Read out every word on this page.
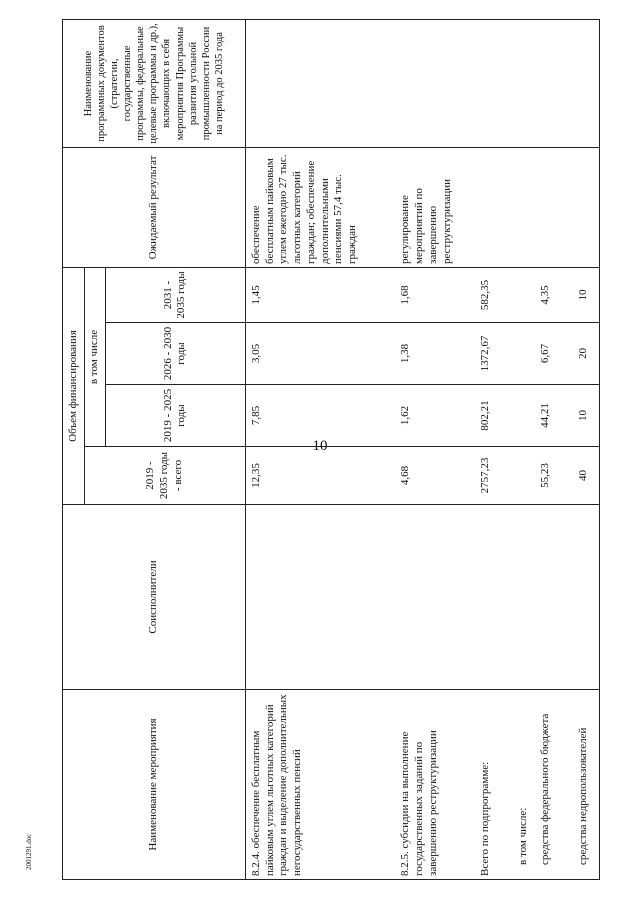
10
2001291.doc
Наименование мероприятия	Соисполнители	Объем финансирования				Ожидаемый результат	Наименование программных документов (стратегии, государственные программы, федеральные целевые программы и др.), включающих в себя мероприятия Программы развития угольной промышленности России на период до 2035 года
		2019 - 2035 годы - всего	в том числе				
			2019 - 2025 годы	2026 - 2030 годы	2031 - 2035 годы		
8.2.4. обеспечение бесплатным пайковым углем льготных категорий граждан и выделение дополнительных негосударственных пенсий		12,35	7,85	3,05	1,45	обеспечение бесплатным пайковым углем ежегодно 27 тыс. льготных категорий граждан; обеспечение дополнительными пенсиями 57,4 тыс. граждан	
8.2.5. субсидии на выполнение государственных заданий по завершению реструктуризации		4,68	1,62	1,38	1,68	регулирование мероприятий по завершению реструктуризации	
Всего по подпрограмме:		2757,23	802,21	1372,67	582,35		
в том числе:							
средства федерального бюджета		55,23	44,21	6,67	4,35		
средства недропользователей		40	10	20	10		
